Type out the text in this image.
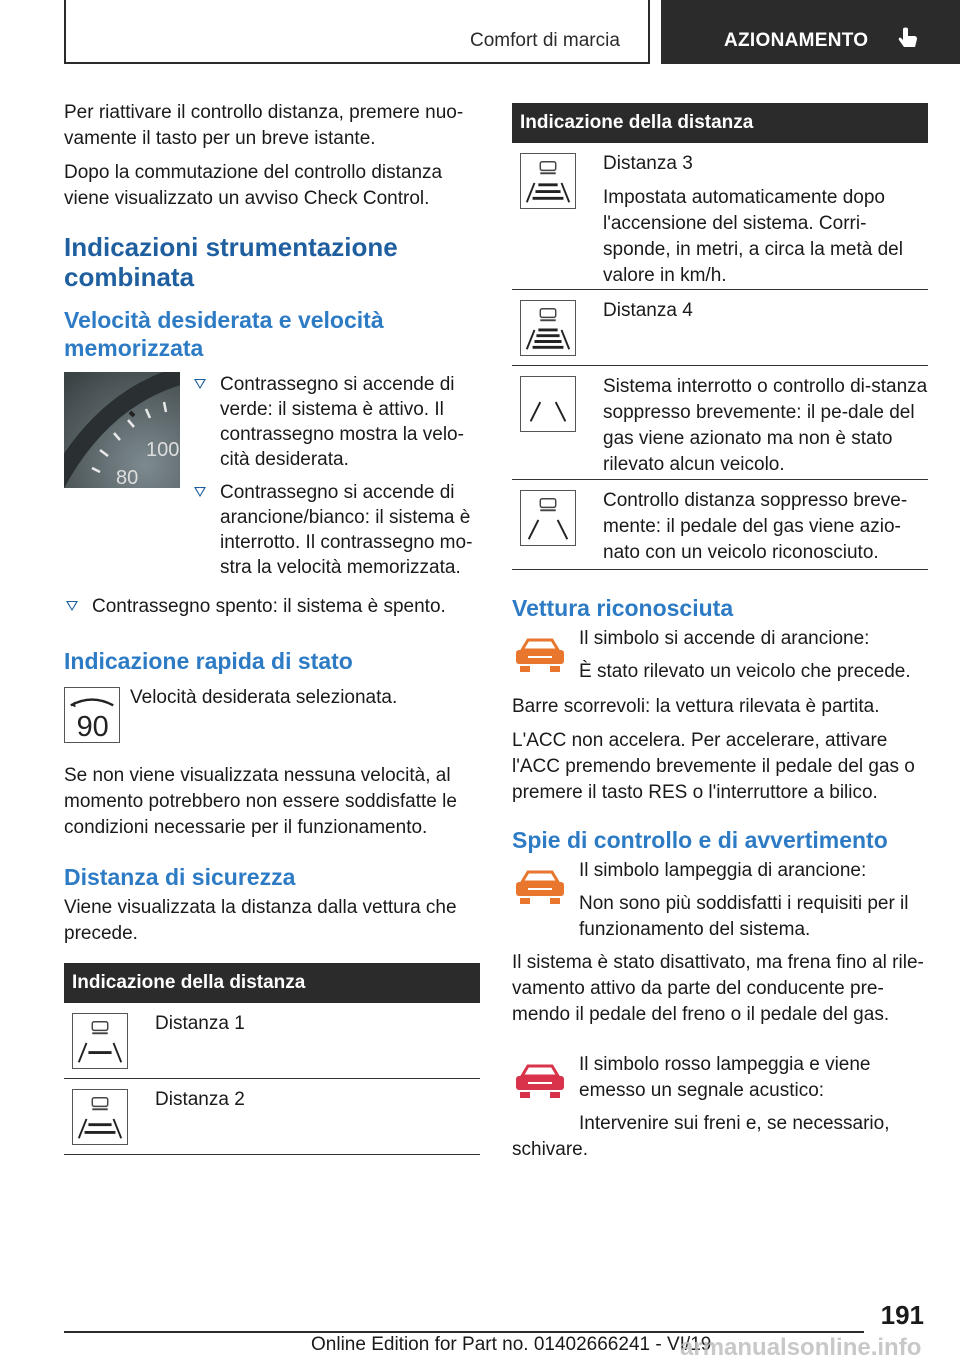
Comfort di marcia	AZIONAMENTO

Per riattivare il controllo distanza, premere nuo-vamente il tasto per un breve istante.

Dopo la commutazione del controllo distanza viene visualizzato un avviso Check Control.

Indicazioni strumentazione combinata
Velocità desiderata e velocità memorizzata
100
80
Contrassegno si accende di verde: il sistema è attivo. Il contrassegno mostra la velo-cità desiderata.
Contrassegno si accende di arancione/bianco: il sistema è interrotto. Il contrassegno mo-stra la velocità memorizzata.
Contrassegno spento: il sistema è spento.
Indicazione rapida di stato
90
Velocità desiderata selezionata.

Se non viene visualizzata nessuna velocità, al momento potrebbero non essere soddisfatte le condizioni necessarie per il funzionamento.

Distanza di sicurezza

Viene visualizzata la distanza dalla vettura che precede.

Indicazione della distanza
Distanza 1
Distanza 2
Indicazione della distanza
Distanza 3
Impostata automaticamente dopo l'accensione del sistema. Corri-sponde, in metri, a circa la metà del valore in km/h.
Distanza 4
Sistema interrotto o controllo di-stanza soppresso brevemente: il pe-dale del gas viene azionato ma non è stato rilevato alcun veicolo.
Controllo distanza soppresso breve-mente: il pedale del gas viene azio-nato con un veicolo riconosciuto.
Vettura riconosciuta
Il simbolo si accende di arancione:
È stato rilevato un veicolo che precede.

Barre scorrevoli: la vettura rilevata è partita.

L'ACC non accelera. Per accelerare, attivare l'ACC premendo brevemente il pedale del gas o premere il tasto RES o l'interruttore a bilico.

Spie di controllo e di avvertimento
Il simbolo lampeggia di arancione:
Non sono più soddisfatti i requisiti per il funzionamento del sistema.

Il sistema è stato disattivato, ma frena fino al rile-vamento attivo da parte del conducente pre-mendo il pedale del freno o il pedale del gas.

Il simbolo rosso lampeggia e viene emesso un segnale acustico:
Intervenire sui freni e, se necessario,

schivare.

191
Online Edition for Part no. 01402666241 - VI/19
armanualsonline.info
